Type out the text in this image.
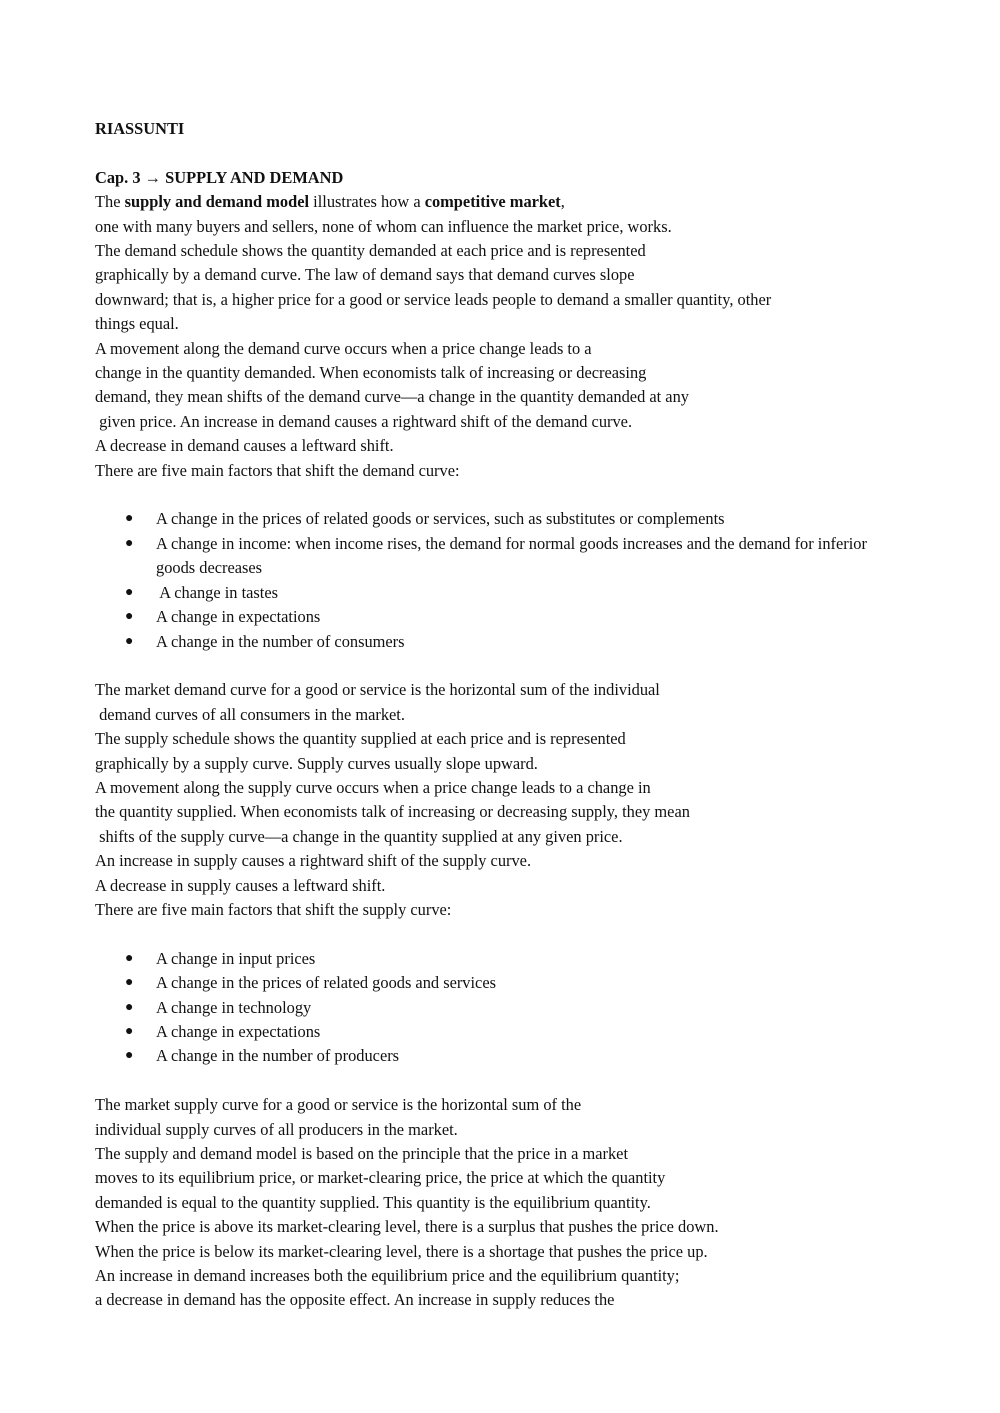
RIASSUNTI
Cap. 3 → SUPPLY AND DEMAND
The supply and demand model illustrates how a competitive market,
one with many buyers and sellers, none of whom can influence the market price, works.
The demand schedule shows the quantity demanded at each price and is represented
graphically by a demand curve. The law of demand says that demand curves slope
downward; that is, a higher price for a good or service leads people to demand a smaller quantity, other
things equal.
A movement along the demand curve occurs when a price change leads to a
change in the quantity demanded. When economists talk of increasing or decreasing
demand, they mean shifts of the demand curve—a change in the quantity demanded at any
given price. An increase in demand causes a rightward shift of the demand curve.
A decrease in demand causes a leftward shift.
There are five main factors that shift the demand curve:
● A change in the prices of related goods or services, such as substitutes or complements
● A change in income: when income rises, the demand for normal goods increases and the demand for inferior goods decreases
● A change in tastes
● A change in expectations
● A change in the number of consumers
The market demand curve for a good or service is the horizontal sum of the individual
demand curves of all consumers in the market.
The supply schedule shows the quantity supplied at each price and is represented
graphically by a supply curve. Supply curves usually slope upward.
A movement along the supply curve occurs when a price change leads to a change in
the quantity supplied. When economists talk of increasing or decreasing supply, they mean
shifts of the supply curve—a change in the quantity supplied at any given price.
An increase in supply causes a rightward shift of the supply curve.
A decrease in supply causes a leftward shift.
There are five main factors that shift the supply curve:
● A change in input prices
● A change in the prices of related goods and services
● A change in technology
● A change in expectations
● A change in the number of producers
The market supply curve for a good or service is the horizontal sum of the
individual supply curves of all producers in the market.
The supply and demand model is based on the principle that the price in a market
moves to its equilibrium price, or market-clearing price, the price at which the quantity
demanded is equal to the quantity supplied. This quantity is the equilibrium quantity.
When the price is above its market-clearing level, there is a surplus that pushes the price down.
When the price is below its market-clearing level, there is a shortage that pushes the price up.
An increase in demand increases both the equilibrium price and the equilibrium quantity;
a decrease in demand has the opposite effect. An increase in supply reduces the
